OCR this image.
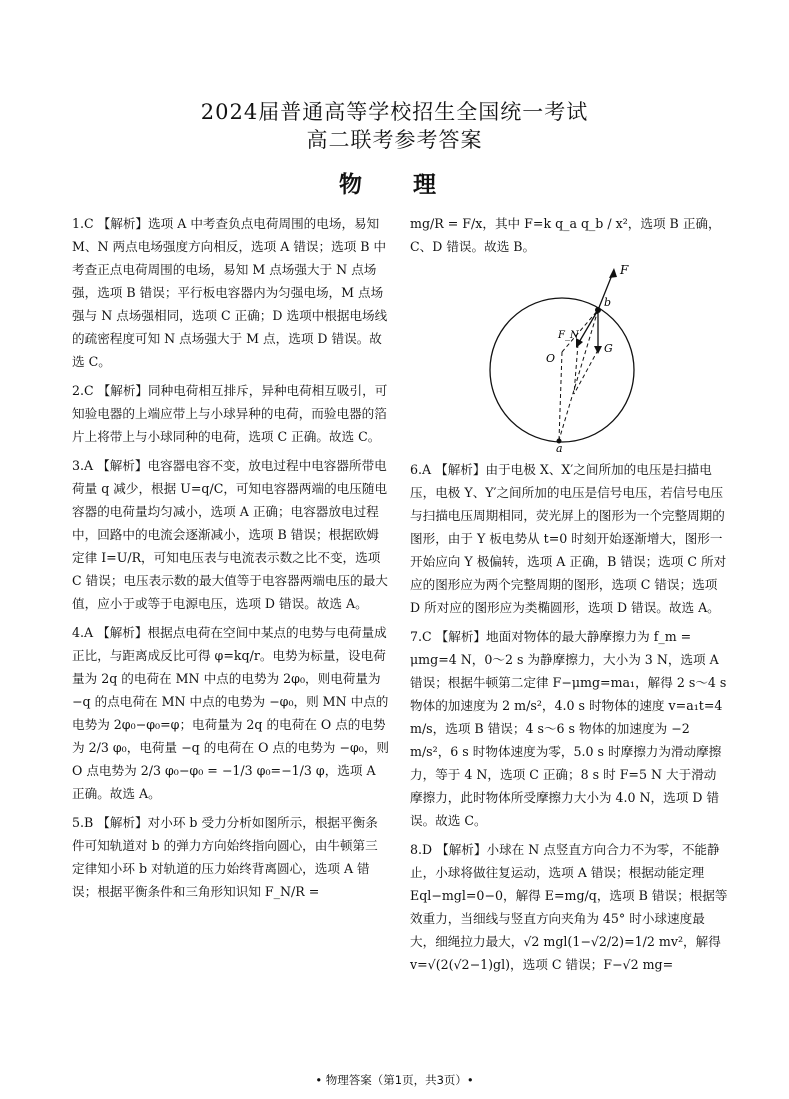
2024届普通高等学校招生全国统一考试
高二联考参考答案
物　理

1.C 【解析】选项 A 中考查负点电荷周围的电场，易知 M、N 两点电场强度方向相反，选项 A 错误；选项 B 中考查正点电荷周围的电场，易知 M 点场强大于 N 点场强，选项 B 错误；平行板电容器内为匀强电场，M 点场强与 N 点场强相同，选项 C 正确；D 选项中根据电场线的疏密程度可知 N 点场强大于 M 点，选项 D 错误。故选 C。

2.C 【解析】同种电荷相互排斥，异种电荷相互吸引，可知验电器的上端应带上与小球异种的电荷，而验电器的箔片上将带上与小球同种的电荷，选项 C 正确。故选 C。

3.A 【解析】电容器电容不变，放电过程中电容器所带电荷量 q 减少，根据 U=q/C，可知电容器两端的电压随电容器的电荷量均匀减小，选项 A 正确；电容器放电过程中，回路中的电流会逐渐减小，选项 B 错误；根据欧姆定律 I=U/R，可知电压表与电流表示数之比不变，选项 C 错误；电压表示数的最大值等于电容器两端电压的最大值，应小于或等于电源电压，选项 D 错误。故选 A。

4.A 【解析】根据点电荷在空间中某点的电势与电荷量成正比，与距离成反比可得 φ=kq/r。电势为标量，设电荷量为 2q 的电荷在 MN 中点的电势为 2φ₀，则电荷量为 −q 的点电荷在 MN 中点的电势为 −φ₀，则 MN 中点的电势为 2φ₀−φ₀=φ；电荷量为 2q 的电荷在 O 点的电势为 2/3 φ₀，电荷量 −q 的电荷在 O 点的电势为 −φ₀，则 O 点电势为 2/3 φ₀−φ₀ = −1/3 φ₀=−1/3 φ，选项 A 正确。故选 A。

5.B 【解析】对小环 b 受力分析如图所示，根据平衡条件可知轨道对 b 的弹力方向始终指向圆心，由牛顿第三定律知小环 b 对轨道的压力始终背离圆心，选项 A 错误；根据平衡条件和三角形知识知 F_N/R =

mg/R = F/x，其中 F=k q_a q_b / x²，选项 B 正确，C、D 错误。故选 B。

F
b
F_N
G
O
a

6.A 【解析】由于电极 X、X′之间所加的电压是扫描电压，电极 Y、Y′之间所加的电压是信号电压，若信号电压与扫描电压周期相同，荧光屏上的图形为一个完整周期的图形，由于 Y 板电势从 t=0 时刻开始逐渐增大，图形一开始应向 Y 极偏转，选项 A 正确，B 错误；选项 C 所对应的图形应为两个完整周期的图形，选项 C 错误；选项 D 所对应的图形应为类椭圆形，选项 D 错误。故选 A。

7.C 【解析】地面对物体的最大静摩擦力为 f_m = μmg=4 N，0～2 s 为静摩擦力，大小为 3 N，选项 A 错误；根据牛顿第二定律 F−μmg=ma₁，解得 2 s～4 s 物体的加速度为 2 m/s²，4.0 s 时物体的速度 v=a₁t=4 m/s，选项 B 错误；4 s～6 s 物体的加速度为 −2 m/s²，6 s 时物体速度为零，5.0 s 时摩擦力为滑动摩擦力，等于 4 N，选项 C 正确；8 s 时 F=5 N 大于滑动摩擦力，此时物体所受摩擦力大小为 4.0 N，选项 D 错误。故选 C。

8.D 【解析】小球在 N 点竖直方向合力不为零，不能静止，小球将做往复运动，选项 A 错误；根据动能定理 Eql−mgl=0−0，解得 E=mg/q，选项 B 错误；根据等效重力，当细线与竖直方向夹角为 45° 时小球速度最大，细绳拉力最大，√2 mgl(1−√2/2)=1/2 mv²，解得 v=√(2(√2−1)gl)，选项 C 错误；F−√2 mg=

• 物理答案（第1页，共3页）•
